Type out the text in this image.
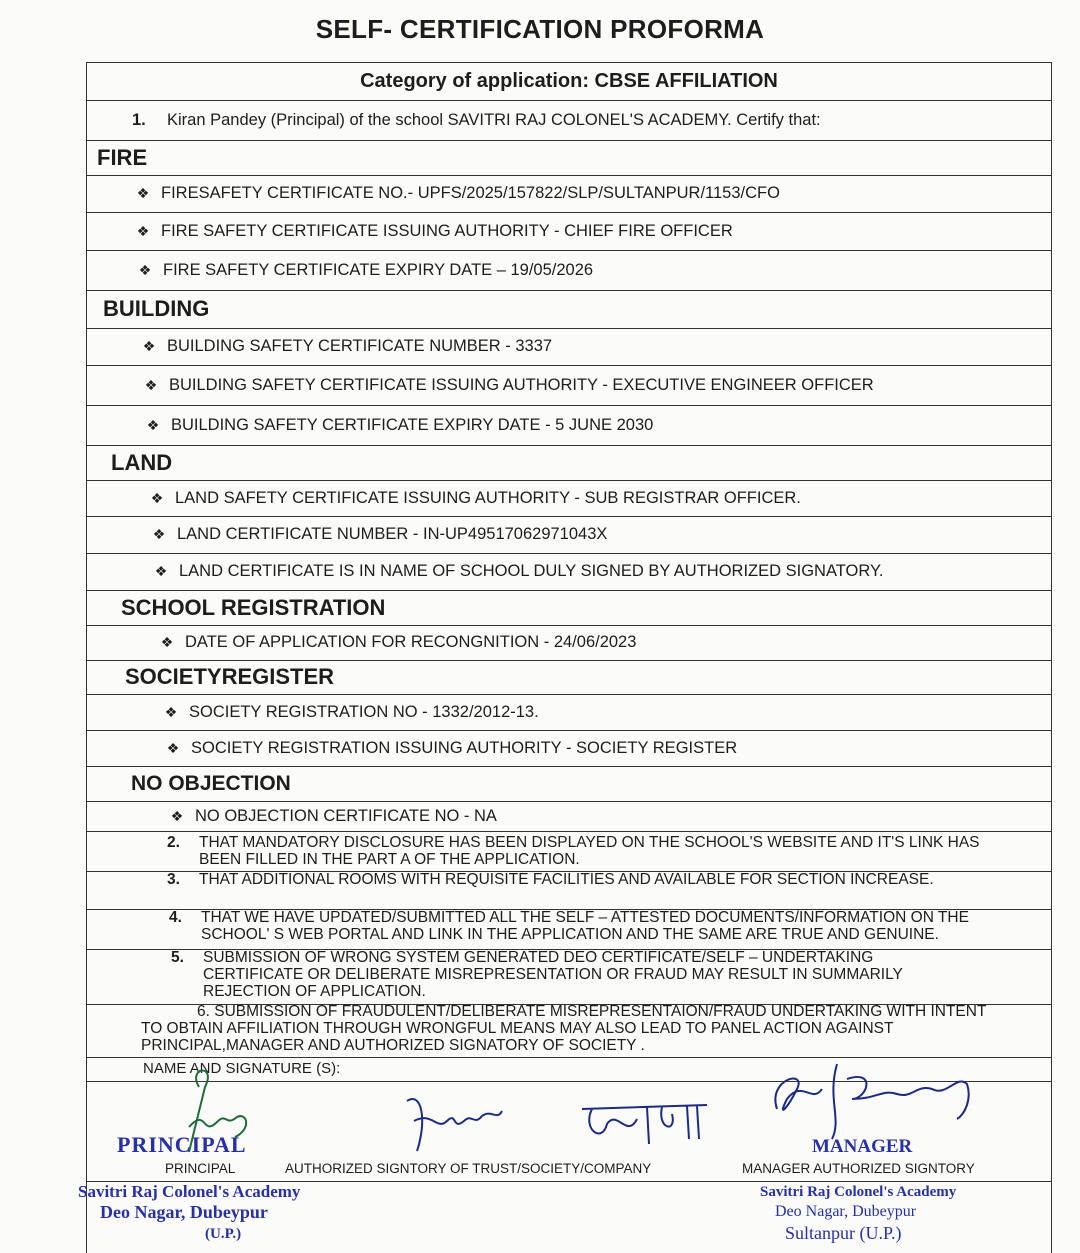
SELF- CERTIFICATION PROFORMA
Category of application: CBSE AFFILIATION
1.	Kiran Pandey (Principal) of the school SAVITRI RAJ COLONEL'S ACADEMY. Certify that:
FIRE
❖ FIRESAFETY CERTIFICATE NO.- UPFS/2025/157822/SLP/SULTANPUR/1153/CFO
❖ FIRE SAFETY CERTIFICATE ISSUING AUTHORITY - CHIEF FIRE OFFICER
❖ FIRE SAFETY CERTIFICATE EXPIRY DATE – 19/05/2026
BUILDING
❖ BUILDING SAFETY CERTIFICATE NUMBER - 3337
❖ BUILDING SAFETY CERTIFICATE ISSUING AUTHORITY - EXECUTIVE ENGINEER OFFICER
❖ BUILDING SAFETY CERTIFICATE EXPIRY DATE - 5 JUNE 2030
LAND
❖ LAND SAFETY CERTIFICATE ISSUING AUTHORITY - SUB REGISTRAR OFFICER.
❖ LAND CERTIFICATE NUMBER - IN-UP49517062971043X
❖ LAND CERTIFICATE IS IN NAME OF SCHOOL DULY SIGNED BY AUTHORIZED SIGNATORY.
SCHOOL REGISTRATION
❖ DATE OF APPLICATION FOR RECONGNITION - 24/06/2023
SOCIETYREGISTER
❖ SOCIETY REGISTRATION NO - 1332/2012-13.
❖ SOCIETY REGISTRATION ISSUING AUTHORITY - SOCIETY REGISTER
NO OBJECTION
❖ NO OBJECTION CERTIFICATE NO - NA
2.	THAT MANDATORY DISCLOSURE HAS BEEN DISPLAYED ON THE SCHOOL'S WEBSITE AND IT'S LINK HAS BEEN FILLED IN THE PART A OF THE APPLICATION.
3.	THAT ADDITIONAL ROOMS WITH REQUISITE FACILITIES AND AVAILABLE FOR SECTION INCREASE.
4.	THAT WE HAVE UPDATED/SUBMITTED ALL THE SELF – ATTESTED DOCUMENTS/INFORMATION ON THE SCHOOL' S WEB PORTAL AND LINK IN THE APPLICATION AND THE SAME ARE TRUE AND GENUINE.
5.	SUBMISSION OF WRONG SYSTEM GENERATED DEO CERTIFICATE/SELF – UNDERTAKING CERTIFICATE OR DELIBERATE MISREPRESENTATION OR FRAUD MAY RESULT IN SUMMARILY REJECTION OF APPLICATION.
6. SUBMISSION OF FRAUDULENT/DELIBERATE MISREPRESENTAION/FRAUD UNDERTAKING WITH INTENT TO OBTAIN AFFILIATION THROUGH WRONGFUL MEANS MAY ALSO LEAD TO PANEL ACTION AGAINST PRINCIPAL,MANAGER AND AUTHORIZED SIGNATORY OF SOCIETY .
NAME AND SIGNATURE (S):
PRINCIPAL
PRINCIPAL	AUTHORIZED SIGNTORY OF TRUST/SOCIETY/COMPANY
MANAGER
MANAGER AUTHORIZED SIGNTORY
Savitri Raj Colonel's Academy
Deo Nagar, Dubeypur
(U.P.)
Savitri Raj Colonel's Academy
Deo Nagar, Dubeypur
Sultanpur (U.P.)
